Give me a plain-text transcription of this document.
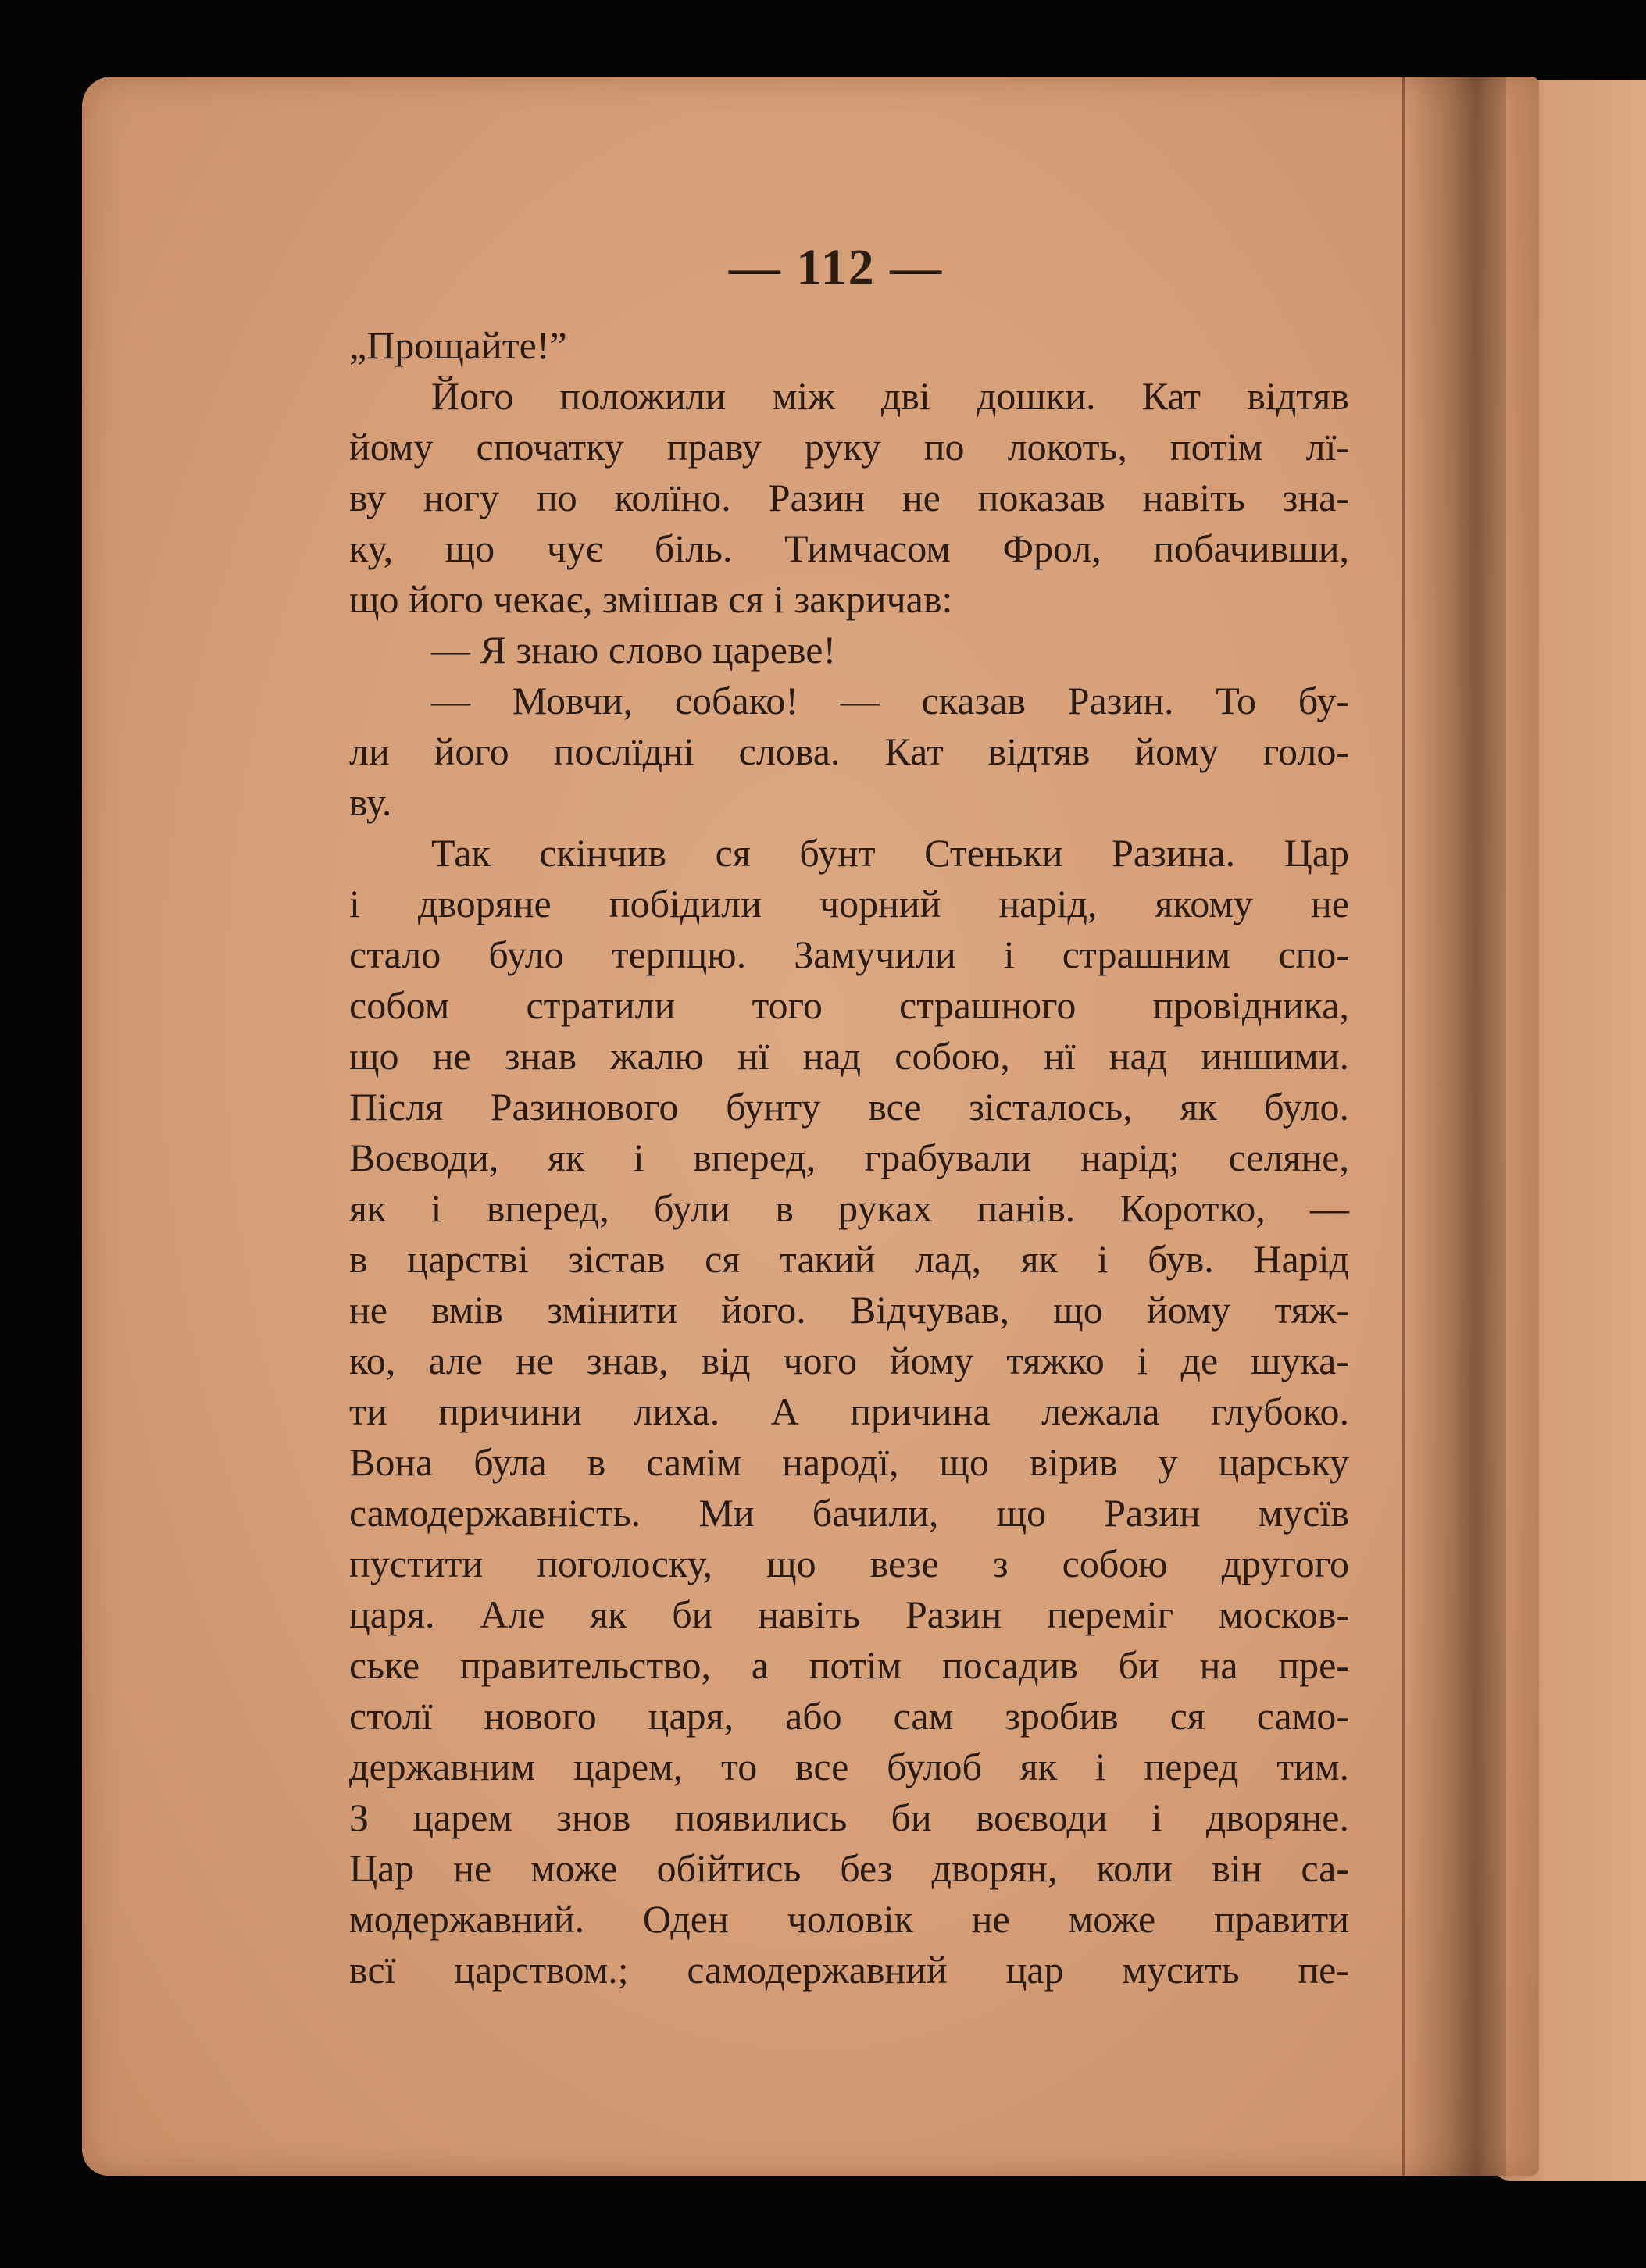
— 112 —
„Прощайте!”
Його положили між дві дошки. Кат відтяв
йому спочатку праву руку по локоть, потім лї-
ву ногу по колїно. Разин не показав навіть зна-
ку, що чує біль. Тимчасом Фрол, побачивши,
що його чекає, змішав ся і закричав:
— Я знаю слово цареве!
— Мовчи, собако! — сказав Разин. То бу-
ли його послїдні слова. Кат відтяв йому голо-
ву.
Так скінчив ся бунт Стеньки Разина. Цар
і дворяне побідили чорний нарід, якому не
стало було терпцю. Замучили і страшним спо-
собом стратили того страшного провідника,
що не знав жалю нї над собою, нї над иншими.
Після Разинового бунту все зісталось, як було.
Воєводи, як і вперед, грабували нарід; селяне,
як і вперед, були в руках панів. Коротко, —
в царстві зістав ся такий лад, як і був. Нарід
не вмів змінити його. Відчував, що йому тяж-
ко, але не знав, від чого йому тяжко і де шука-
ти причини лиха. А причина лежала глубоко.
Вона була в самім народї, що вірив у царську
самодержавність. Ми бачили, що Разин мусїв
пустити поголоску, що везе з собою другого
царя. Але як би навіть Разин переміг москов-
ське правительство, а потім посадив би на пре-
столї нового царя, або сам зробив ся само-
державним царем, то все булоб як і перед тим.
З царем знов появились би воєводи і дворяне.
Цар не може обійтись без дворян, коли він са-
модержавний. Оден чоловік не може правити
всї царством.; самодержавний цар мусить пе-
